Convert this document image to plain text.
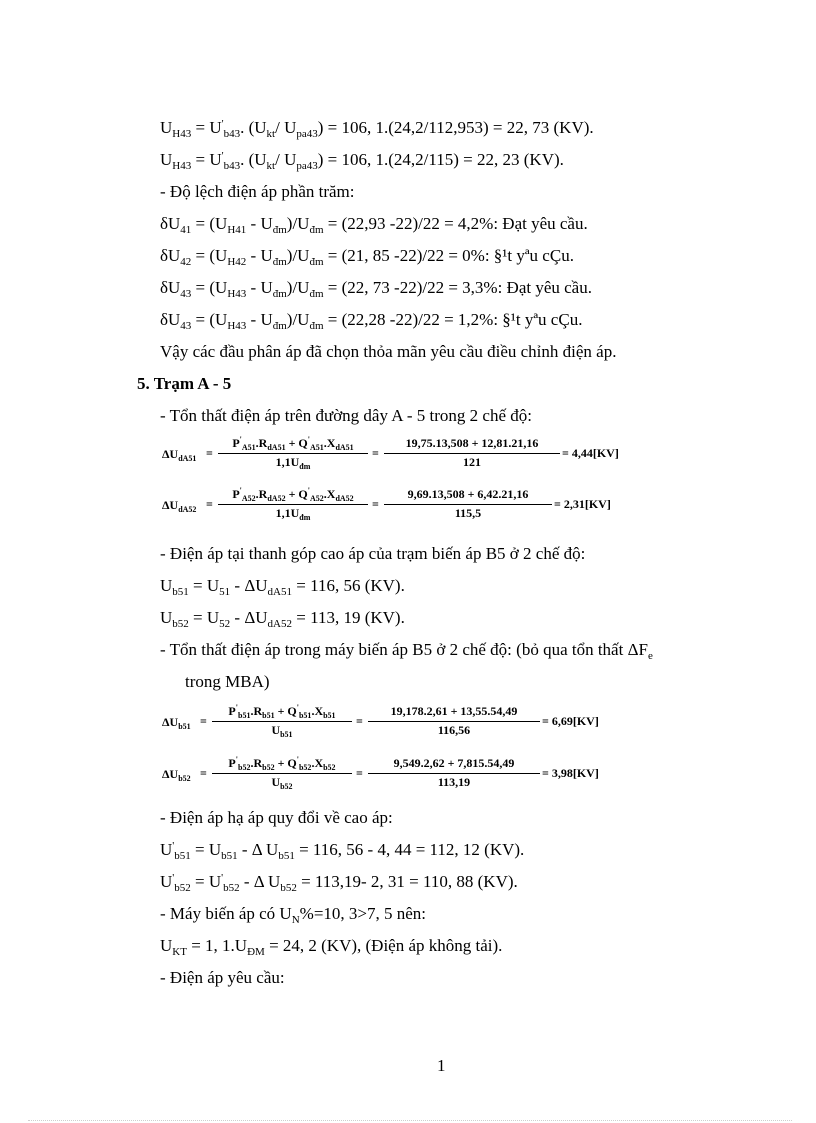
$U_{H43} = U'_{b43}$. ($U_{kt}/$ $U_{pa43}) = 106$, 1.(24,2/112,953) = 22, 73 (KV).
$U_{H43} = U'_{b43}$. ($U_{kt}/$ $U_{pa43}) = 106$, 1.(24,2/115) = 22, 23 (KV).
- Độ lệch điện áp phần trăm:
$\delta U_{41} = (U_{H41} - U_{đm})/U_{đm} = (22,93$ -22)/22 = 4,2%: Đạt yêu cầu.
$\delta U_{42} = (U_{H42} - U_{đm})/U_{đm} = (21$, 85 -22)/22 = 0%: §¹t yªu cÇu.
$\delta U_{43} = (U_{H43} - U_{đm})/U_{đm} = (22$, 73 -22)/22 = 3,3%: Đạt yêu cầu.
$\delta U_{43} = (U_{H43} - U_{đm})/U_{đm} = (22,28$ -22)/22 = 1,2%: §¹t yªu cÇu.
Vậy các đầu phân áp đã chọn thỏa mãn yêu cầu điều chỉnh điện áp.
5. Trạm A - 5
- Tổn thất điện áp trên đường dây A - 5 trong 2 chế độ:
$\Delta U_{dA51}$ =
$P'_{A51}.R_{dA51} + Q'_{A51}.X_{dA51}$
$1,1U_{đm}$
=
19,75.13,508 + 12,81.21,16
121
= 4,44[KV]
$\Delta U_{dA52}$ =
$P'_{A52}.R_{dA52} + Q'_{A52}.X_{dA52}$
$1,1U_{đm}$
=
9,69.13,508 + 6,42.21,16
115,5
= 2,31[KV]
- Điện áp tại thanh góp cao áp của trạm biến áp B5 ở 2 chế độ:
$U_{b51} = U_{51} - \Delta U_{dA51} = 116$, 56 (KV).
$U_{b52} = U_{52} - \Delta U_{dA52} = 113$, 19 (KV).
- Tổn thất điện áp trong máy biến áp B5 ở 2 chế độ: (bỏ qua tổn thất $\Delta F_e$
trong MBA)
$\Delta U_{b51}$ =
$P'_{b51}.R_{b51} + Q'_{b51}.X_{b51}$
$U_{b51}$
=
19,178.2,61 + 13,55.54,49
116,56
= 6,69[KV]
$\Delta U_{b52}$ =
$P'_{b52}.R_{b52} + Q'_{b52}.X_{b52}$
$U_{b52}$
=
9,549.2,62 + 7,815.54,49
113,19
= 3,98[KV]
- Điện áp hạ áp quy đổi về cao áp:
$U'_{b51} = U_{b51} - \Delta$ $U_{b51} = 116$, 56 - 4, 44 = 112, 12 (KV).
$U'_{b52} = U'_{b52} - \Delta$ $U_{b52} = 113,19-$ 2, 31 = 110, 88 (KV).
- Máy biến áp có $U_N\%=10$, 3>7, 5 nên:
$U_{KT} = 1$, $1.U_{ĐM} = 24$, 2 (KV), (Điện áp không tải).
- Điện áp yêu cầu:
1
